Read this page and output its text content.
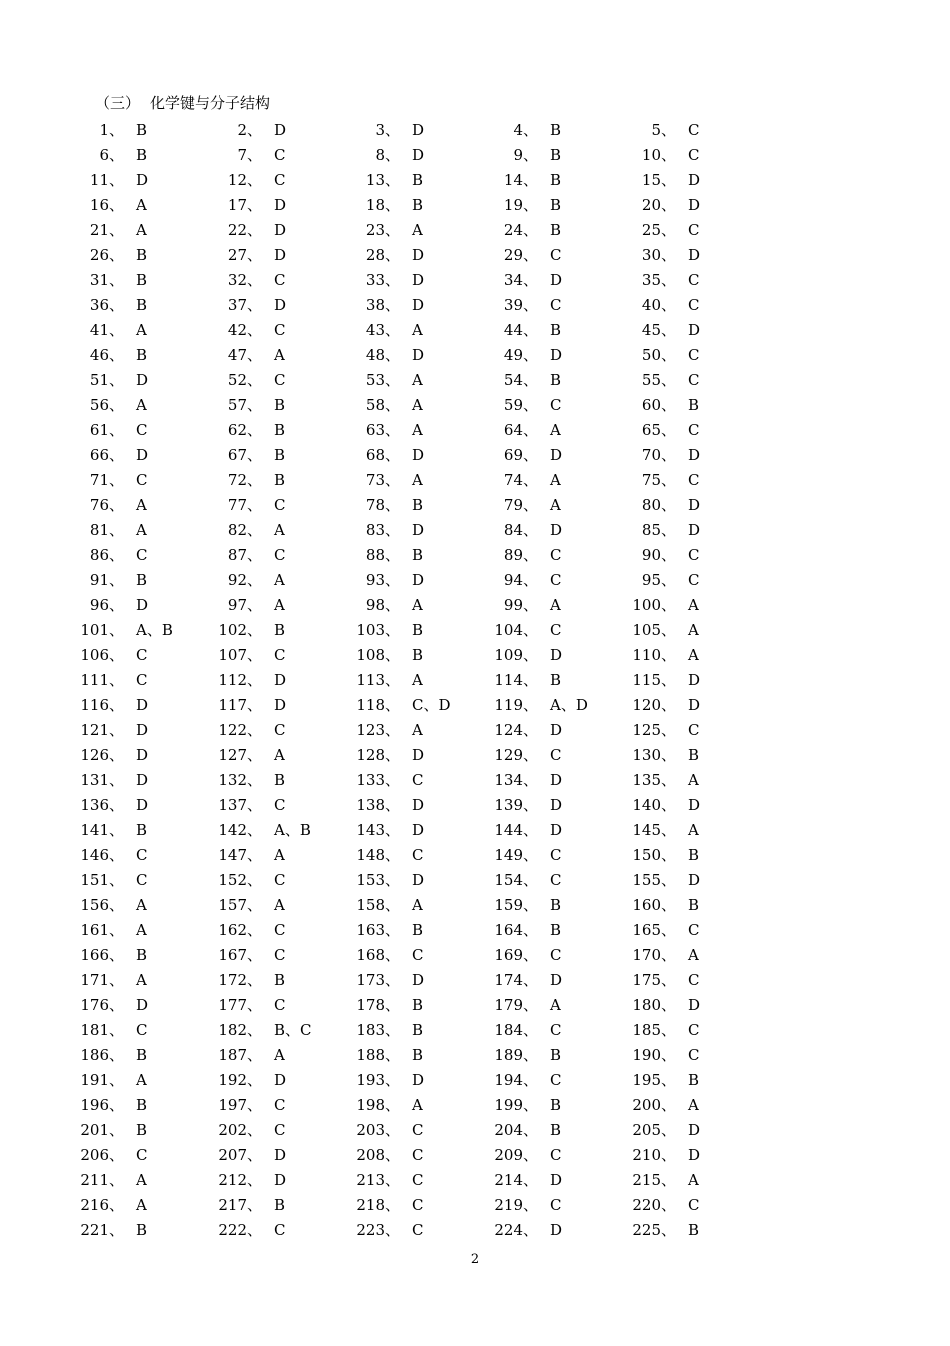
（三） 化学键与分子结构
1、 B	2、 D	3、 D	4、 B	5、 C
6、 B	7、 C	8、 D	9、 B	10、 C
11、 D	12、 C	13、 B	14、 B	15、 D
16、 A	17、 D	18、 B	19、 B	20、 D
21、 A	22、 D	23、 A	24、 B	25、 C
26、 B	27、 D	28、 D	29、 C	30、 D
31、 B	32、 C	33、 D	34、 D	35、 C
36、 B	37、 D	38、 D	39、 C	40、 C
41、 A	42、 C	43、 A	44、 B	45、 D
46、 B	47、 A	48、 D	49、 D	50、 C
51、 D	52、 C	53、 A	54、 B	55、 C
56、 A	57、 B	58、 A	59、 C	60、 B
61、 C	62、 B	63、 A	64、 A	65、 C
66、 D	67、 B	68、 D	69、 D	70、 D
71、 C	72、 B	73、 A	74、 A	75、 C
76、 A	77、 C	78、 B	79、 A	80、 D
81、 A	82、 A	83、 D	84、 D	85、 D
86、 C	87、 C	88、 B	89、 C	90、 C
91、 B	92、 A	93、 D	94、 C	95、 C
96、 D	97、 A	98、 A	99、 A	100、 A
101、 A、B	102、 B	103、 B	104、 C	105、 A
106、 C	107、 C	108、 B	109、 D	110、 A
111、 C	112、 D	113、 A	114、 B	115、 D
116、 D	117、 D	118、 C、D	119、 A、D	120、 D
121、 D	122、 C	123、 A	124、 D	125、 C
126、 D	127、 A	128、 D	129、 C	130、 B
131、 D	132、 B	133、 C	134、 D	135、 A
136、 D	137、 C	138、 D	139、 D	140、 D
141、 B	142、 A、B	143、 D	144、 D	145、 A
146、 C	147、 A	148、 C	149、 C	150、 B
151、 C	152、 C	153、 D	154、 C	155、 D
156、 A	157、 A	158、 A	159、 B	160、 B
161、 A	162、 C	163、 B	164、 B	165、 C
166、 B	167、 C	168、 C	169、 C	170、 A
171、 A	172、 B	173、 D	174、 D	175、 C
176、 D	177、 C	178、 B	179、 A	180、 D
181、 C	182、 B、C	183、 B	184、 C	185、 C
186、 B	187、 A	188、 B	189、 B	190、 C
191、 A	192、 D	193、 D	194、 C	195、 B
196、 B	197、 C	198、 A	199、 B	200、 A
201、 B	202、 C	203、 C	204、 B	205、 D
206、 C	207、 D	208、 C	209、 C	210、 D
211、 A	212、 D	213、 C	214、 D	215、 A
216、 A	217、 B	218、 C	219、 C	220、 C
221、 B	222、 C	223、 C	224、 D	225、 B
2
